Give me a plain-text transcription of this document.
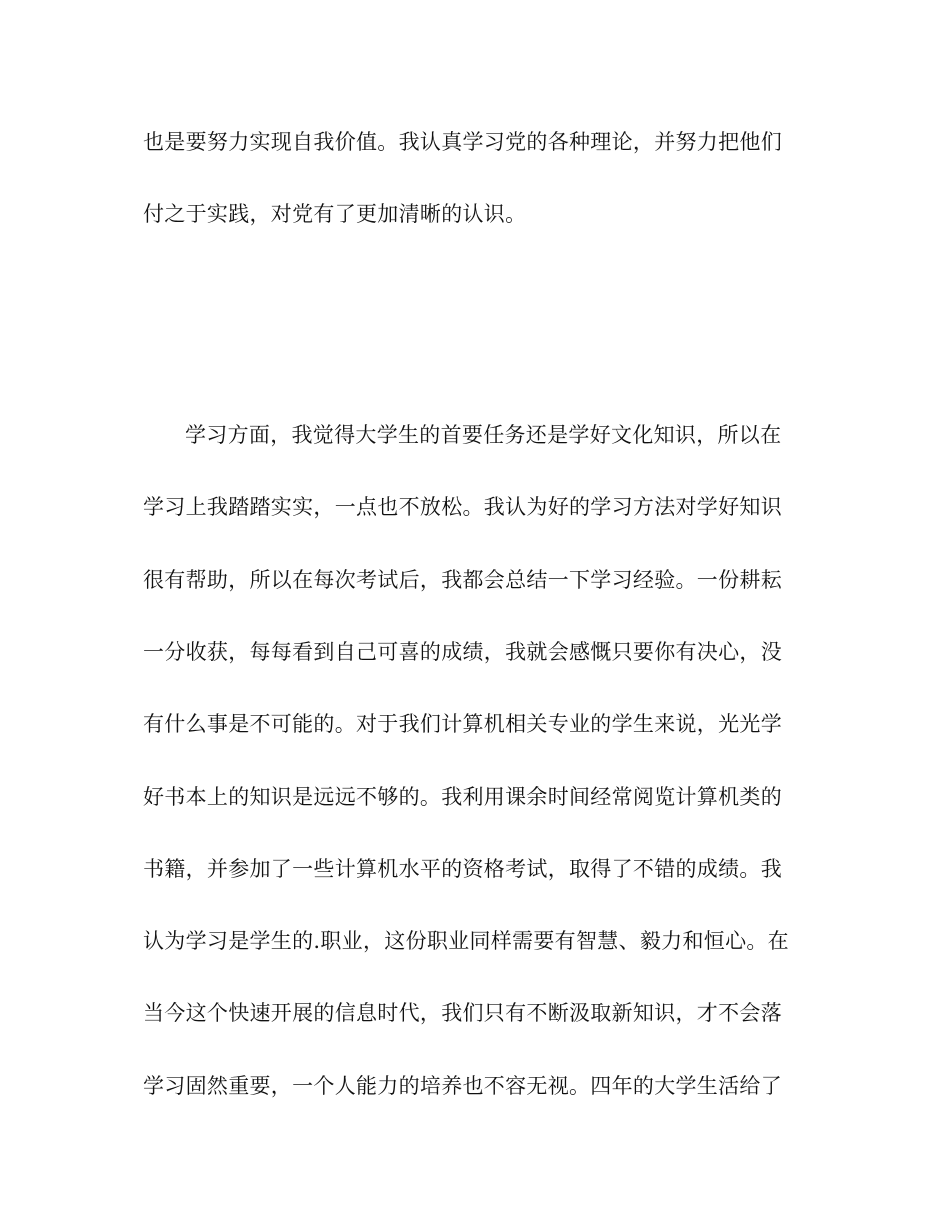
也是要努力实现自我价值。我认真学习党的各种理论，并努力把他们
付之于实践，对党有了更加清晰的认识。
学习方面，我觉得大学生的首要任务还是学好文化知识，所以在
学习上我踏踏实实，一点也不放松。我认为好的学习方法对学好知识
很有帮助，所以在每次考试后，我都会总结一下学习经验。一份耕耘
一分收获，每每看到自己可喜的成绩，我就会感慨只要你有决心，没
有什么事是不可能的。对于我们计算机相关专业的学生来说，光光学
好书本上的知识是远远不够的。我利用课余时间经常阅览计算机类的
书籍，并参加了一些计算机水平的资格考试，取得了不错的成绩。我
认为学习是学生的.职业，这份职业同样需要有智慧、毅力和恒心。在
当今这个快速开展的信息时代，我们只有不断汲取新知识，才不会落
学习固然重要，一个人能力的培养也不容无视。四年的大学生活给了
